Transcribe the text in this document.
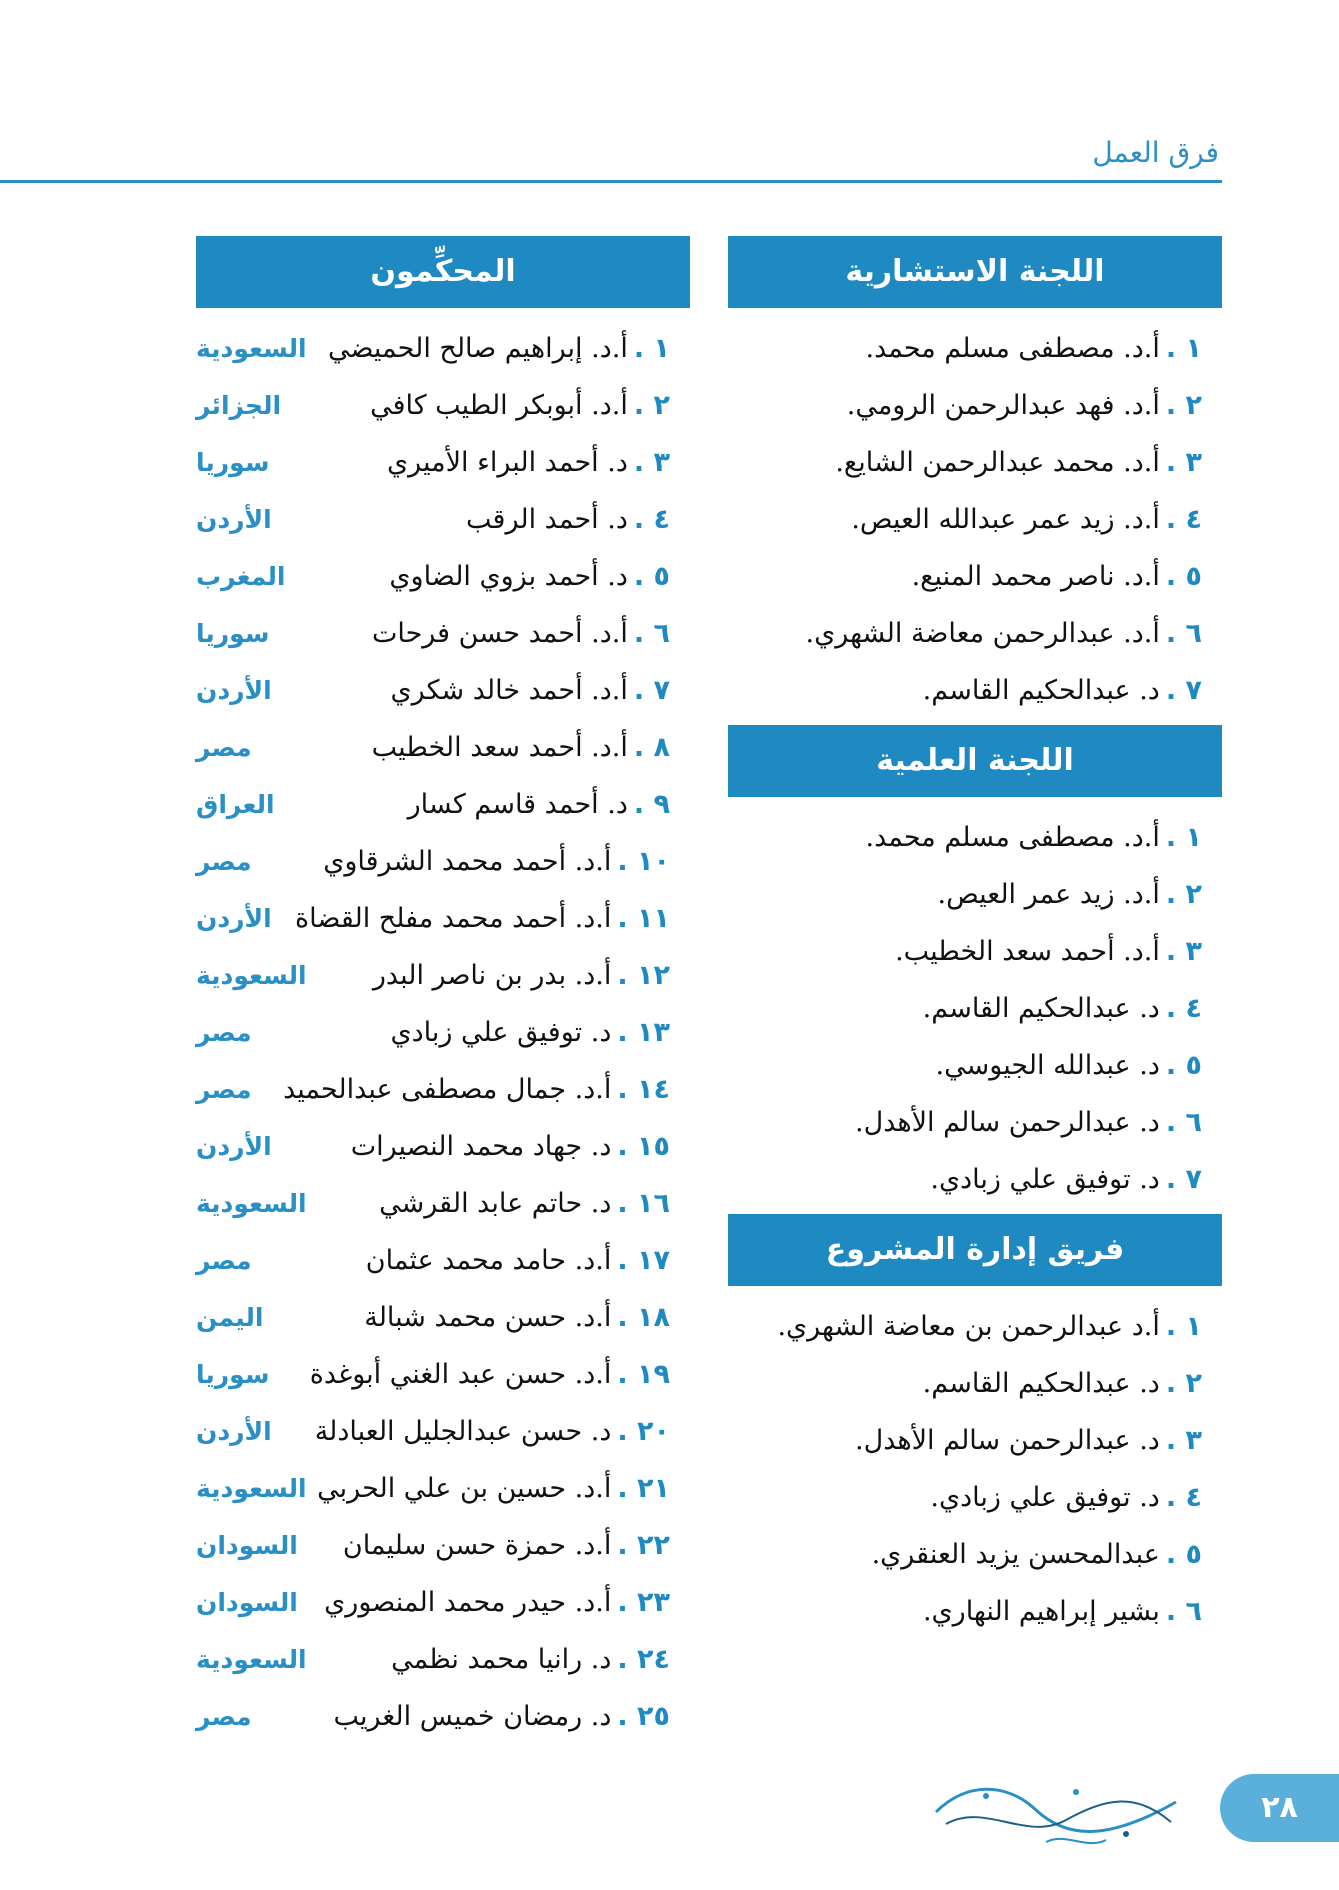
فرق العمل
اللجنة الاستشارية
١ .أ.د. مصطفى مسلم محمد.
٢ .أ.د. فهد عبدالرحمن الرومي.
٣ .أ.د. محمد عبدالرحمن الشايع.
٤ .أ.د. زيد عمر عبدالله العيص.
٥ .أ.د. ناصر محمد المنيع.
٦ .أ.د. عبدالرحمن معاضة الشهري.
٧ .د. عبدالحكيم القاسم.
اللجنة العلمية
١ .أ.د. مصطفى مسلم محمد.
٢ .أ.د. زيد عمر العيص.
٣ .أ.د. أحمد سعد الخطيب.
٤ .د. عبدالحكيم القاسم.
٥ .د. عبدالله الجيوسي.
٦ .د. عبدالرحمن سالم الأهدل.
٧ .د. توفيق علي زبادي.
فريق إدارة المشروع
١ .أ.د عبدالرحمن بن معاضة الشهري.
٢ .د. عبدالحكيم القاسم.
٣ .د. عبدالرحمن سالم الأهدل.
٤ .د. توفيق علي زبادي.
٥ .عبدالمحسن يزيد العنقري.
٦ .بشير إبراهيم النهاري.
المحكِّمون
١ .أ.د. إبراهيم صالح الحميضي
السعودية
٢ .أ.د. أبوبكر الطيب كافي
الجزائر
٣ .د. أحمد البراء الأميري
سوريا
٤ .د. أحمد الرقب
الأردن
٥ .د. أحمد بزوي الضاوي
المغرب
٦ .أ.د. أحمد حسن فرحات
سوريا
٧ .أ.د. أحمد خالد شكري
الأردن
٨ .أ.د. أحمد سعد الخطيب
مصر
٩ .د. أحمد قاسم كسار
العراق
١٠ .أ.د. أحمد محمد الشرقاوي
مصر
١١ .أ.د. أحمد محمد مفلح القضاة
الأردن
١٢ .أ.د. بدر بن ناصر البدر
السعودية
١٣ .د. توفيق علي زبادي
مصر
١٤ .أ.د. جمال مصطفى عبدالحميد
مصر
١٥ .د. جهاد محمد النصيرات
الأردن
١٦ .د. حاتم عابد القرشي
السعودية
١٧ .أ.د. حامد محمد عثمان
مصر
١٨ .أ.د. حسن محمد شبالة
اليمن
١٩ .أ.د. حسن عبد الغني أبوغدة
سوريا
٢٠ .د. حسن عبدالجليل العبادلة
الأردن
٢١ .أ.د. حسين بن علي الحربي
السعودية
٢٢ .أ.د. حمزة حسن سليمان
السودان
٢٣ .أ.د. حيدر محمد المنصوري
السودان
٢٤ .د. رانيا محمد نظمي
السعودية
٢٥ .د. رمضان خميس الغريب
مصر
٢٨
